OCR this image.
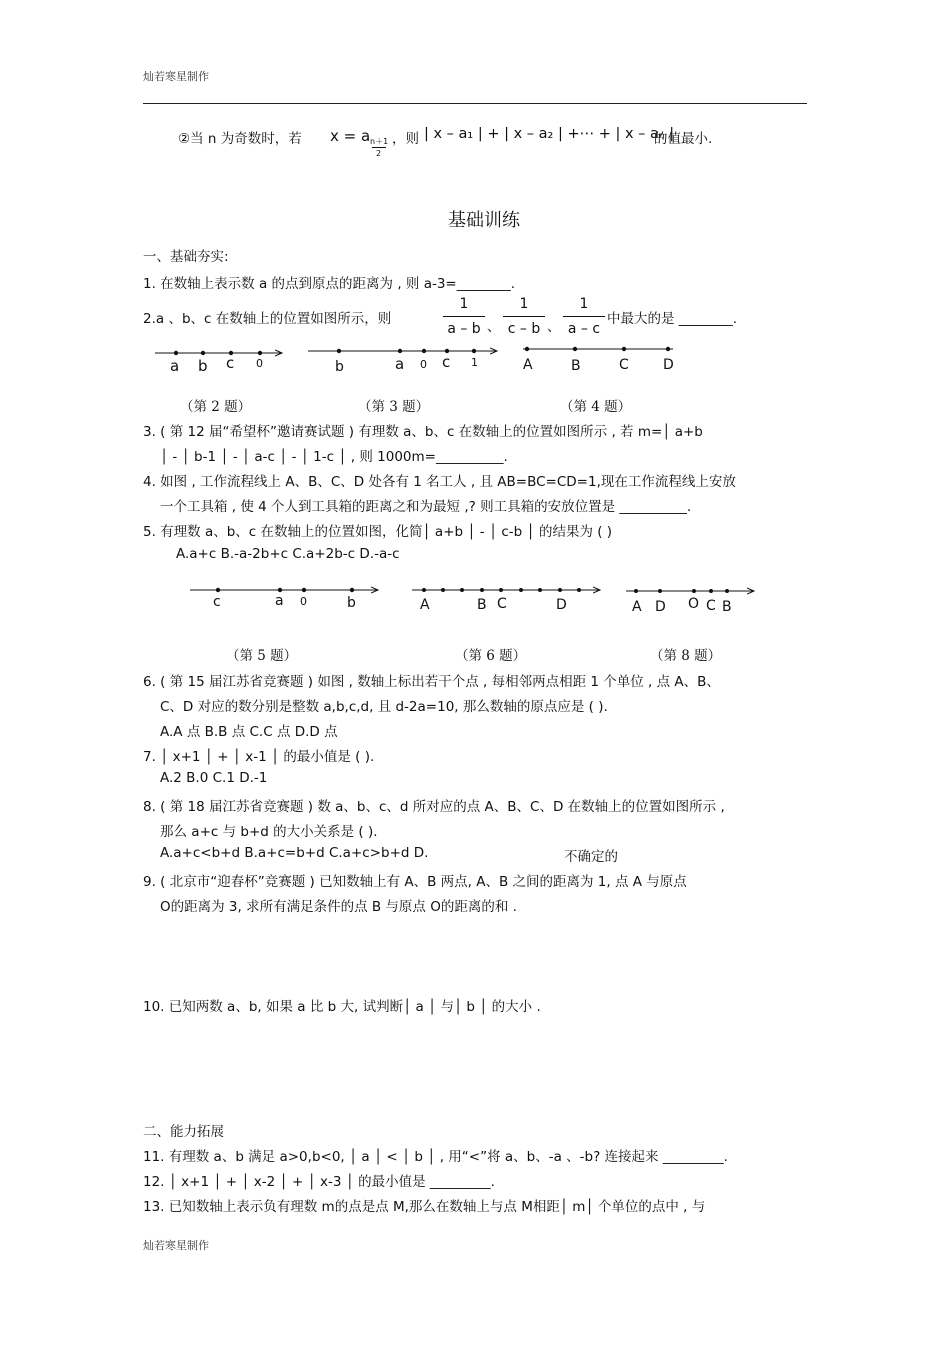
灿若寒星制作
②当 n 为奇数时，若 x = a n＋1
2
，则 | x – a₁ | + | x – a₂ | +⋯ + | x – aₙ |
的值最小.
基础训练
一、基础夯实:
1. 在数轴上表示数 a 的点到原点的距离为 , 则 a-3=________.
2.a 、b、c 在数轴上的位置如图所示，则
1
a – b 、
1
c – b 、
1
a – c
中最大的是 ________.
a b c 0	b	a 0 c 1	A	B	C D
（第 2 题）	（第 3 题）	（第 4 题）
3. ( 第 12 届“希望杯”邀请赛试题 ) 有理数 a、b、c 在数轴上的位置如图所示 , 若 m=│ a+b
│ - │ b-1 │ - │ a-c │ - │ 1-c │ , 则 1000m=__________.
4. 如图 , 工作流程线上 A、B、C、D 处各有 1 名工人 , 且 AB=BC=CD=1,现在工作流程线上安放
一个工具箱 , 使 4 个人到工具箱的距离之和为最短 ,? 则工具箱的安放位置是 __________.
5. 有理数 a、b、c 在数轴上的位置如图，化简│ a+b │ - │ c-b │ 的结果为 ( )
A.a+c B.-a-2b+c C.a+2b-c D.-a-c
c	a 0	b	A	B C	D	A D O C B
（第 5 题）	（第 6 题）	（第 8 题）
6. ( 第 15 届江苏省竞赛题 ) 如图 , 数轴上标出若干个点 , 每相邻两点相距 1 个单位 , 点 A、B、
C、D 对应的数分别是整数 a,b,c,d, 且 d-2a=10, 那么数轴的原点应是 ( ).
A.A 点 B.B 点 C.C 点 D.D 点
7. │ x+1 │ + │ x-1 │ 的最小值是 ( ).
A.2 B.0 C.1 D.-1
8. ( 第 18 届江苏省竞赛题 ) 数 a、b、c、d 所对应的点 A、B、C、D 在数轴上的位置如图所示 ,
那么 a+c 与 b+d 的大小关系是 ( ).
A.a+c<b+d B.a+c=b+d C.a+c>b+d D.	不确定的
9. ( 北京市“迎春杯”竞赛题 ) 已知数轴上有 A、B 两点, A、B 之间的距离为 1, 点 A 与原点
O的距离为 3, 求所有满足条件的点 B 与原点 O的距离的和 .
10. 已知两数 a、b, 如果 a 比 b 大, 试判断│ a │ 与│ b │ 的大小 .
二、能力拓展
11. 有理数 a、b 满足 a>0,b<0, │ a │ < │ b │ , 用“<”将 a、b、-a 、-b? 连接起来 _________.
12. │ x+1 │ + │ x-2 │ + │ x-3 │ 的最小值是 _________.
13. 已知数轴上表示负有理数 m的点是点 M,那么在数轴上与点 M相距│ m│ 个单位的点中 , 与
灿若寒星制作
